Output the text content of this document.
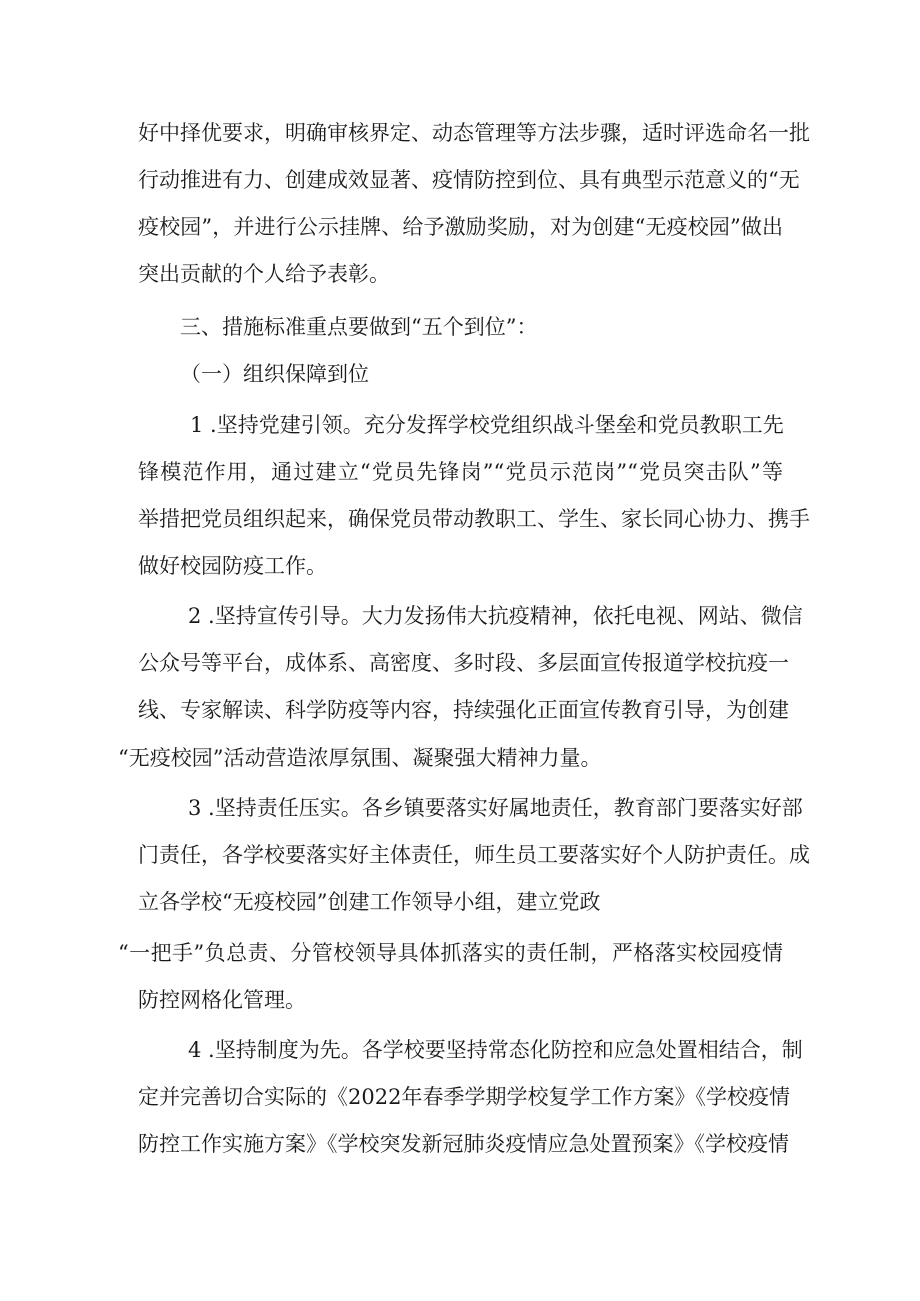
好中择优要求，明确审核界定、动态管理等方法步骤，适时评选命名一批
行动推进有力、创建成效显著、疫情防控到位、具有典型示范意义的“无
疫校园”，并进行公示挂牌、给予激励奖励，对为创建“无疫校园”做出
突出贡献的个人给予表彰。
三、措施标准重点要做到“五个到位”：
（一）组织保障到位
1 .坚持党建引领。充分发挥学校党组织战斗堡垒和党员教职工先
锋模范作用，通过建立“党员先锋岗”“党员示范岗”“党员突击队”等
举措把党员组织起来，确保党员带动教职工、学生、家长同心协力、携手
做好校园防疫工作。
2 .坚持宣传引导。大力发扬伟大抗疫精神，依托电视、网站、微信
公众号等平台，成体系、高密度、多时段、多层面宣传报道学校抗疫一
线、专家解读、科学防疫等内容，持续强化正面宣传教育引导，为创建
“无疫校园”活动营造浓厚氛围、凝聚强大精神力量。
3 .坚持责任压实。各乡镇要落实好属地责任，教育部门要落实好部
门责任，各学校要落实好主体责任，师生员工要落实好个人防护责任。成
立各学校“无疫校园”创建工作领导小组，建立党政
“一把手”负总责、分管校领导具体抓落实的责任制，严格落实校园疫情
防控网格化管理。
4 .坚持制度为先。各学校要坚持常态化防控和应急处置相结合，制
定并完善切合实际的《2022年春季学期学校复学工作方案》《学校疫情
防控工作实施方案》《学校突发新冠肺炎疫情应急处置预案》《学校疫情
